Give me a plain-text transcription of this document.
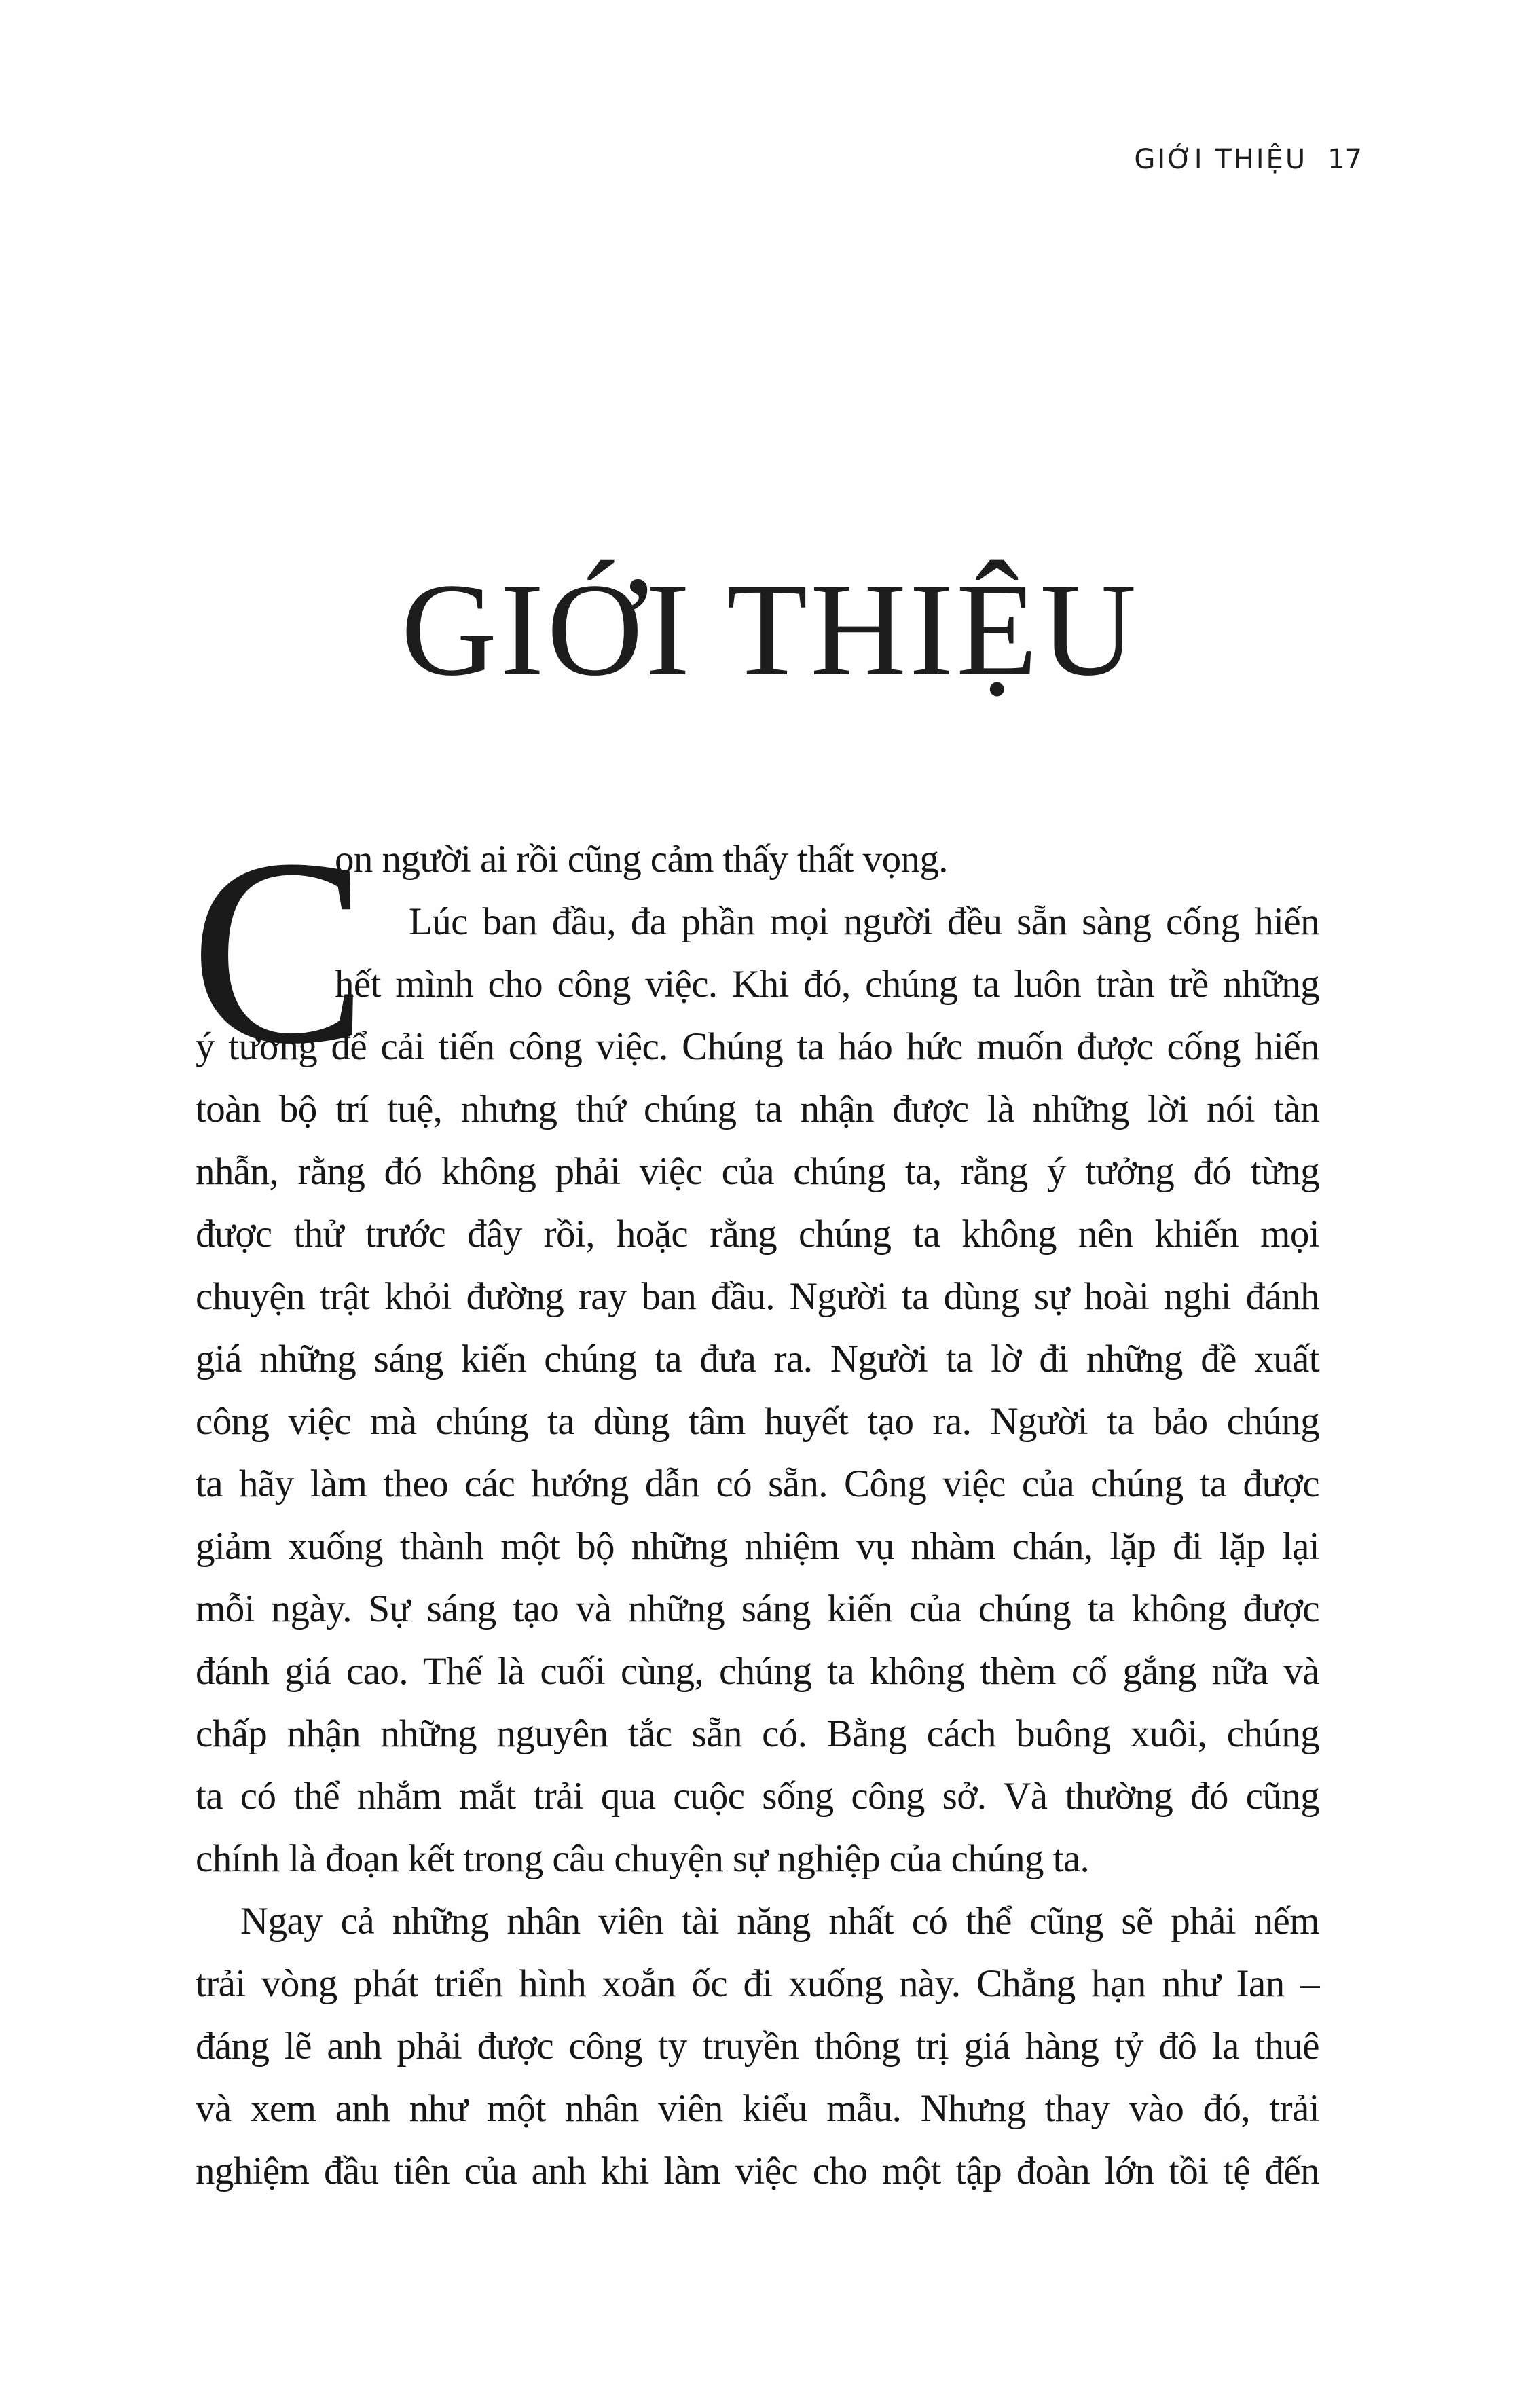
GIỚI THIỆU 17
GIỚI THIỆU
C
on người ai rồi cũng cảm thấy thất vọng.
Lúc ban đầu, đa phần mọi người đều sẵn sàng cống hiến
hết mình cho công việc. Khi đó, chúng ta luôn tràn trề những
ý tưởng để cải tiến công việc. Chúng ta háo hức muốn được cống hiến
toàn bộ trí tuệ, nhưng thứ chúng ta nhận được là những lời nói tàn
nhẫn, rằng đó không phải việc của chúng ta, rằng ý tưởng đó từng
được thử trước đây rồi, hoặc rằng chúng ta không nên khiến mọi
chuyện trật khỏi đường ray ban đầu. Người ta dùng sự hoài nghi đánh
giá những sáng kiến chúng ta đưa ra. Người ta lờ đi những đề xuất
công việc mà chúng ta dùng tâm huyết tạo ra. Người ta bảo chúng
ta hãy làm theo các hướng dẫn có sẵn. Công việc của chúng ta được
giảm xuống thành một bộ những nhiệm vụ nhàm chán, lặp đi lặp lại
mỗi ngày. Sự sáng tạo và những sáng kiến của chúng ta không được
đánh giá cao. Thế là cuối cùng, chúng ta không thèm cố gắng nữa và
chấp nhận những nguyên tắc sẵn có. Bằng cách buông xuôi, chúng
ta có thể nhắm mắt trải qua cuộc sống công sở. Và thường đó cũng
chính là đoạn kết trong câu chuyện sự nghiệp của chúng ta.
Ngay cả những nhân viên tài năng nhất có thể cũng sẽ phải nếm
trải vòng phát triển hình xoắn ốc đi xuống này. Chẳng hạn như Ian –
đáng lẽ anh phải được công ty truyền thông trị giá hàng tỷ đô la thuê
và xem anh như một nhân viên kiểu mẫu. Nhưng thay vào đó, trải
nghiệm đầu tiên của anh khi làm việc cho một tập đoàn lớn tồi tệ đến
